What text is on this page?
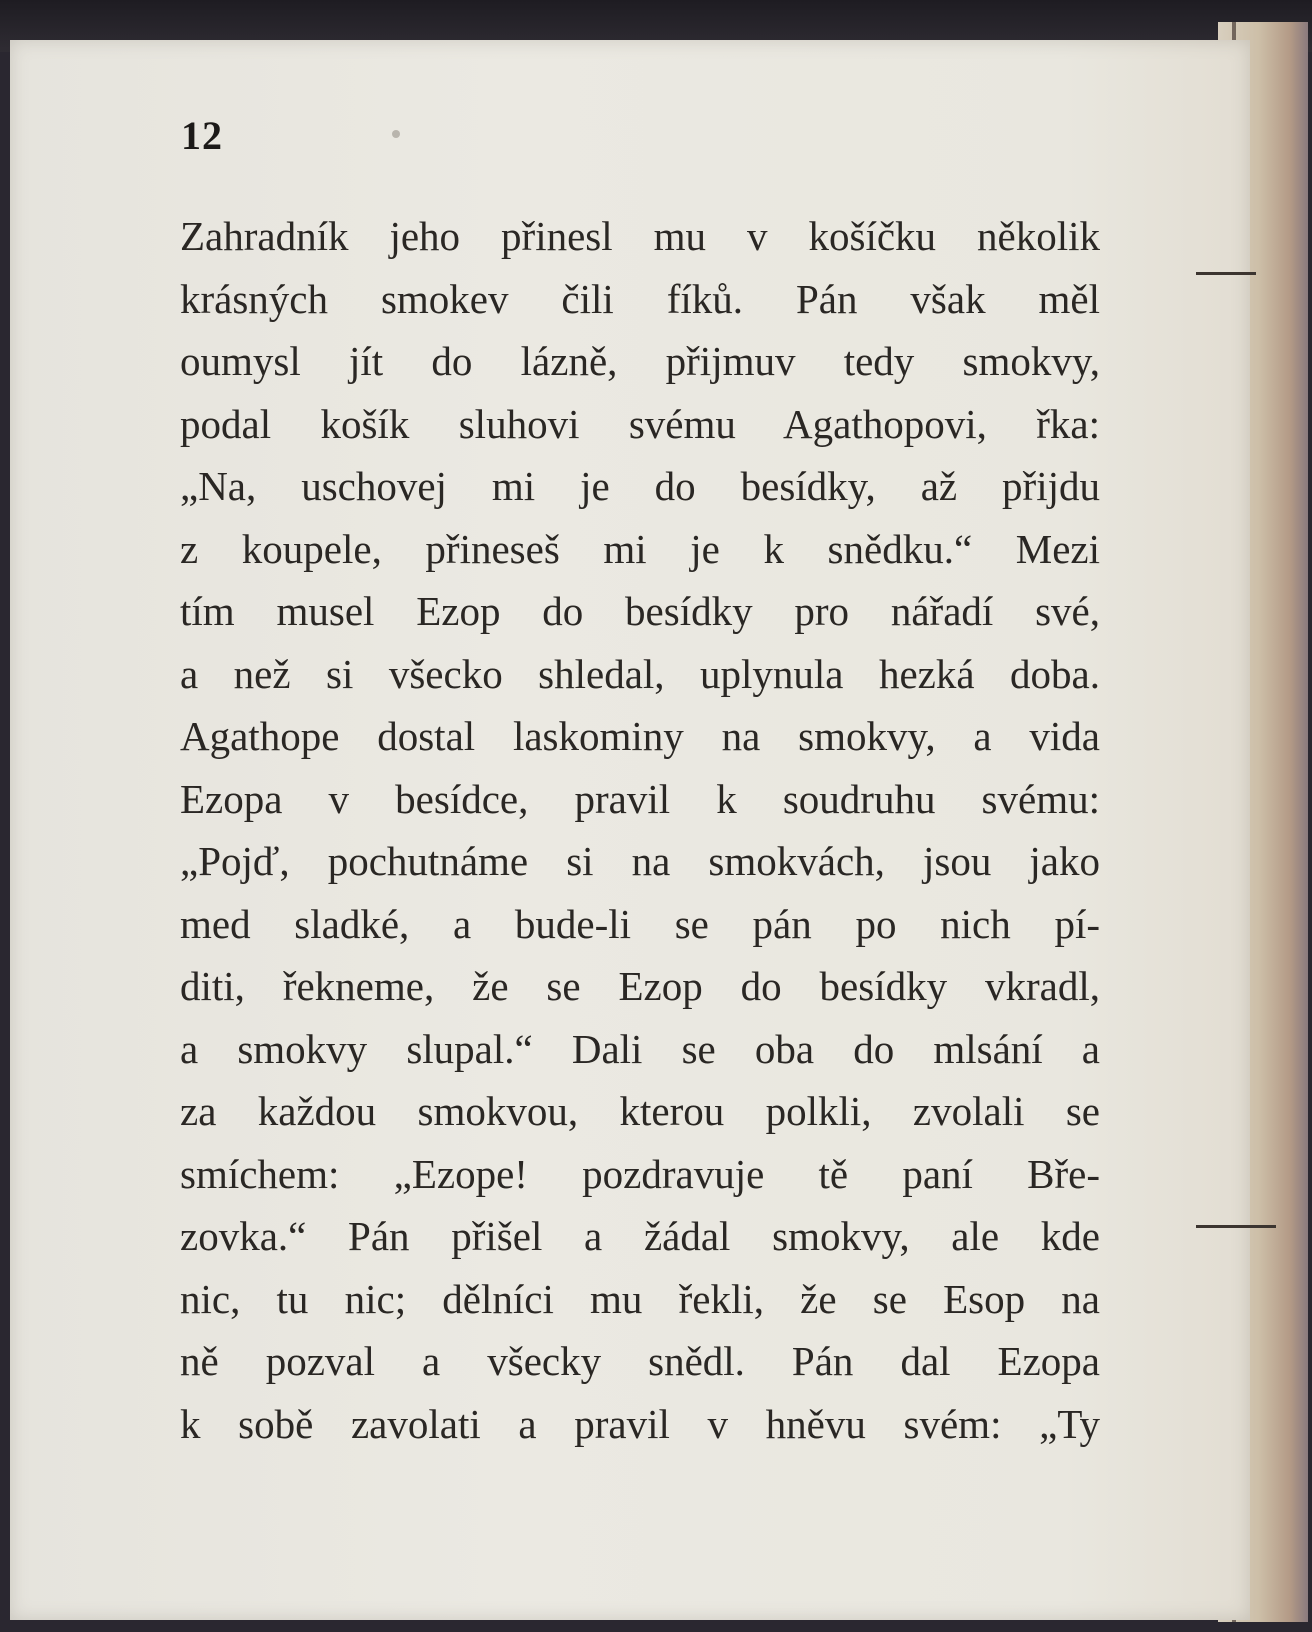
12
Zahradník jeho přinesl mu v košíčku několik
krásných smokev čili fíků. Pán však měl
oumysl jít do lázně, přijmuv tedy smokvy,
podal košík sluhovi svému Agathopovi, řka:
„Na, uschovej mi je do besídky, až přijdu
z koupele, přineseš mi je k snědku.“ Mezi
tím musel Ezop do besídky pro nářadí své,
a než si všecko shledal, uplynula hezká doba.
Agathope dostal laskominy na smokvy, a vida
Ezopa v besídce, pravil k soudruhu svému:
„Pojď, pochutnáme si na smokvách, jsou jako
med sladké, a bude-li se pán po nich pí-
diti, řekneme, že se Ezop do besídky vkradl,
a smokvy slupal.“ Dali se oba do mlsání a
za každou smokvou, kterou polkli, zvolali se
smíchem: „Ezope! pozdravuje tě paní Bře-
zovka.“ Pán přišel a žádal smokvy, ale kde
nic, tu nic; dělníci mu řekli, že se Esop na
ně pozval a všecky snědl. Pán dal Ezopa
k sobě zavolati a pravil v hněvu svém: „Ty
